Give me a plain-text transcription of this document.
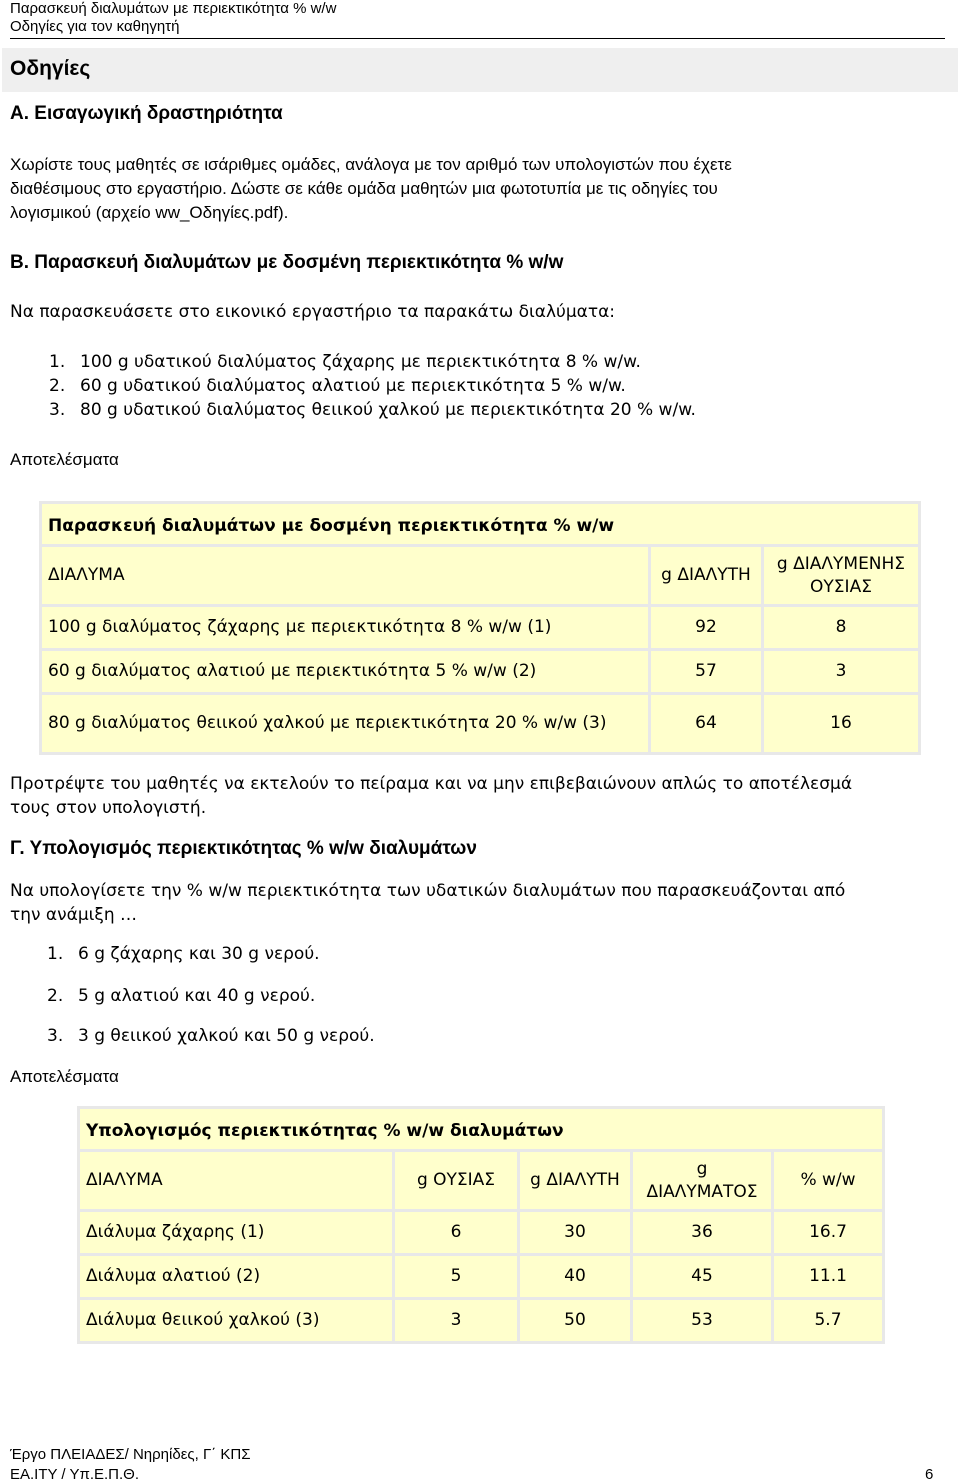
Παρασκευή διαλυμάτων με περιεκτικότητα % w/w
Οδηγίες για τον καθηγητή
Οδηγίες
Α. Εισαγωγική δραστηριότητα
Χωρίστε τους μαθητές σε ισάριθμες ομάδες, ανάλογα με τον αριθμό των υπολογιστών που έχετε
διαθέσιμους στο εργαστήριο. Δώστε σε κάθε ομάδα μαθητών μια φωτοτυπία με τις οδηγίες του
λογισμικού (αρχείο ww_Οδηγίες.pdf).
Β. Παρασκευή διαλυμάτων με δοσμένη περιεκτικότητα % w/w
Να παρασκευάσετε στο εικονικό εργαστήριο τα παρακάτω διαλύματα:
1. 100 g υδατικού διαλύματος ζάχαρης με περιεκτικότητα 8 % w/w.
2. 60 g υδατικού διαλύματος αλατιού με περιεκτικότητα 5 % w/w.
3. 80 g υδατικού διαλύματος θειικού χαλκού με περιεκτικότητα 20 % w/w.
Αποτελέσματα
Παρασκευή διαλυμάτων με δοσμένη περιεκτικότητα % w/w		
ΔΙΑΛΥΜΑ	g ΔΙΑΛΥΤΗ	g ΔΙΑΛΥΜΕΝΗΣ ΟΥΣΙΑΣ
100 g διαλύματος ζάχαρης με περιεκτικότητα 8 % w/w (1)	92	8
60 g διαλύματος αλατιού με περιεκτικότητα 5 % w/w (2)	57	3
80 g διαλύματος θειικού χαλκού με περιεκτικότητα 20 % w/w (3)	64	16
Προτρέψτε του μαθητές να εκτελούν το πείραμα και να μην επιβεβαιώνουν απλώς το αποτέλεσμά
τους στον υπολογιστή.
Γ. Υπολογισμός περιεκτικότητας % w/w διαλυμάτων
Να υπολογίσετε την % w/w περιεκτικότητα των υδατικών διαλυμάτων που παρασκευάζονται από
την ανάμιξη …
1. 6 g ζάχαρης και 30 g νερού.
2. 5 g αλατιού και 40 g νερού.
3. 3 g θειικού χαλκού και 50 g νερού.
Αποτελέσματα
Υπολογισμός περιεκτικότητας % w/w διαλυμάτων				
ΔΙΑΛΥΜΑ	g ΟΥΣΙΑΣ	g ΔΙΑΛΥΤΗ	g ΔΙΑΛΥΜΑΤΟΣ	% w/w
Διάλυμα ζάχαρης (1)	6	30	36	16.7
Διάλυμα αλατιού (2)	5	40	45	11.1
Διάλυμα θειικού χαλκού (3)	3	50	53	5.7
Έργο ΠΛΕΙΑΔΕΣ/ Νηρηίδες, Γ΄ ΚΠΣ
ΕΑ.ΙΤΥ / Υπ.Ε.Π.Θ.	6
